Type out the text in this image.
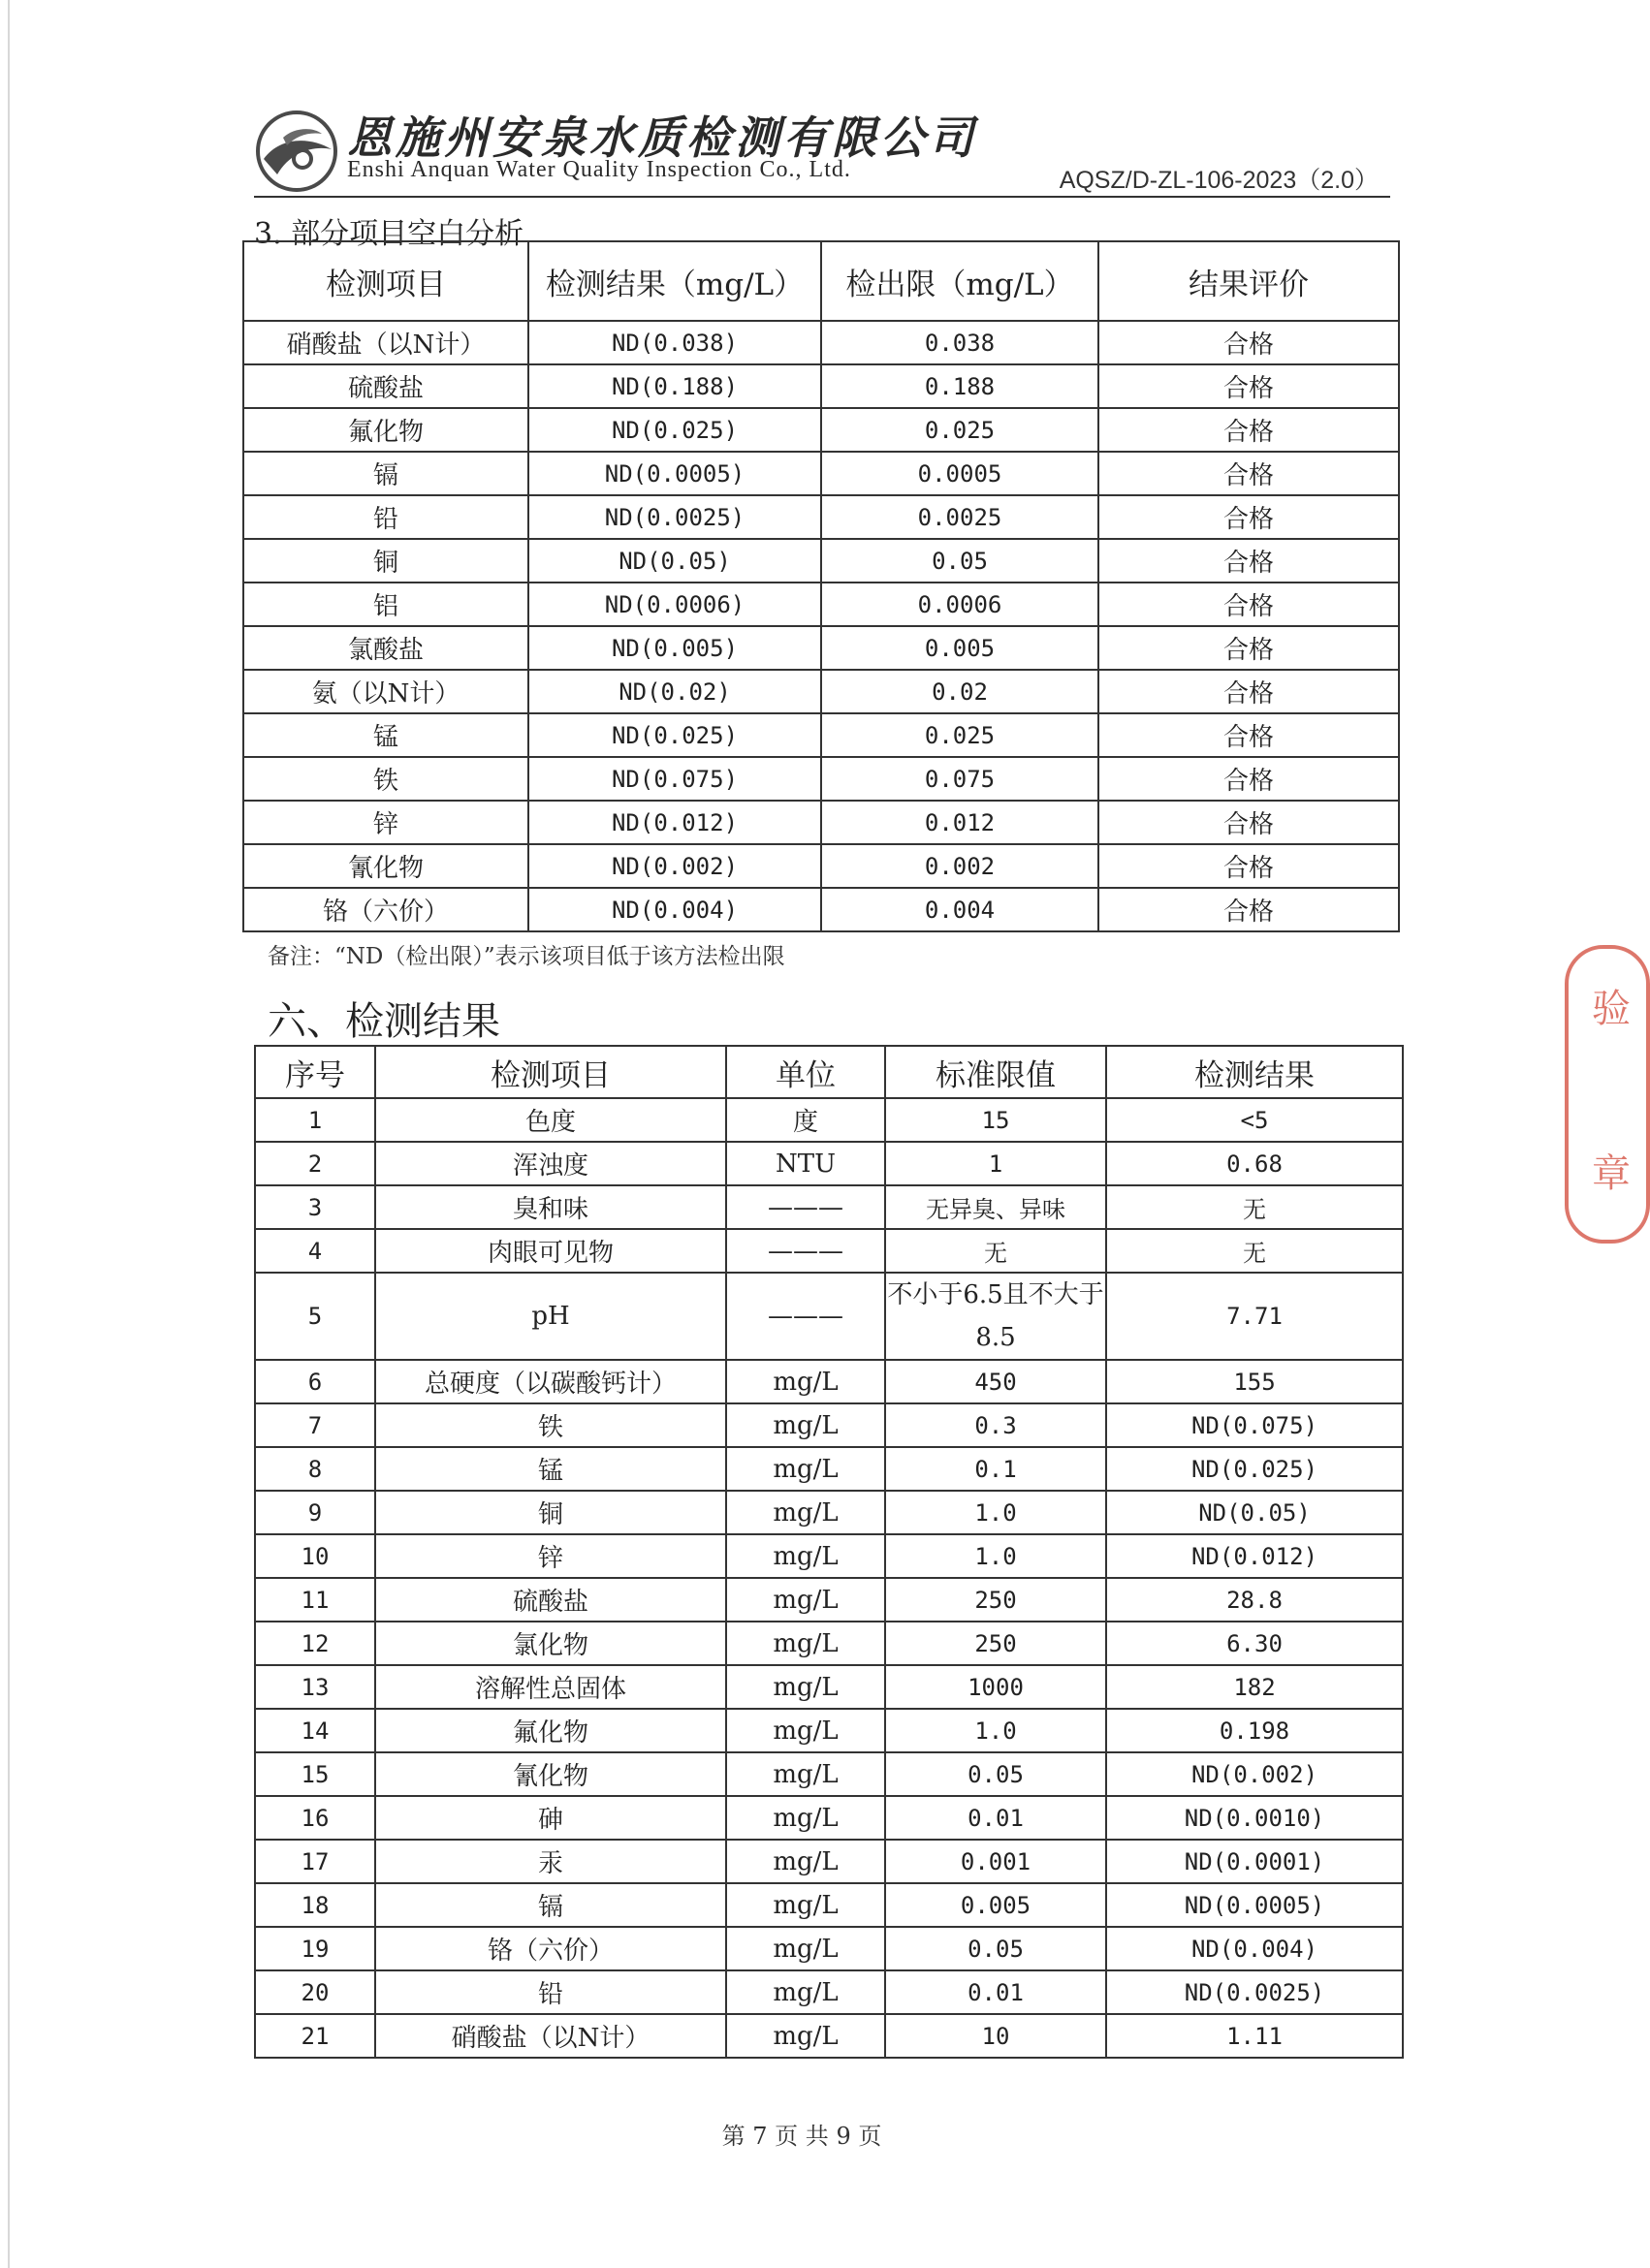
恩施州安泉水质检测有限公司
Enshi Anquan Water Quality Inspection Co., Ltd.	AQSZ/D-ZL-106-2023（2.0）
3. 部分项目空白分析
检测项目	检测结果（mg/L）	检出限（mg/L）	结果评价
硝酸盐（以N计）	ND(0.038)	0.038	合格
硫酸盐	ND(0.188)	0.188	合格
氟化物	ND(0.025)	0.025	合格
镉	ND(0.0005)	0.0005	合格
铅	ND(0.0025)	0.0025	合格
铜	ND(0.05)	0.05	合格
铝	ND(0.0006)	0.0006	合格
氯酸盐	ND(0.005)	0.005	合格
氨（以N计）	ND(0.02)	0.02	合格
锰	ND(0.025)	0.025	合格
铁	ND(0.075)	0.075	合格
锌	ND(0.012)	0.012	合格
氰化物	ND(0.002)	0.002	合格
铬（六价）	ND(0.004)	0.004	合格
备注：“ND（检出限）”表示该项目低于该方法检出限
六、检测结果
序号	检测项目	单位	标准限值	检测结果
1	色度	度	15	<5
2	浑浊度	NTU	1	0.68
3	臭和味	———	无异臭、异味	无
4	肉眼可见物	———	无	无
5	pH	———	不小于6.5且不大于8.5	7.71
6	总硬度（以碳酸钙计）	mg/L	450	155
7	铁	mg/L	0.3	ND(0.075)
8	锰	mg/L	0.1	ND(0.025)
9	铜	mg/L	1.0	ND(0.05)
10	锌	mg/L	1.0	ND(0.012)
11	硫酸盐	mg/L	250	28.8
12	氯化物	mg/L	250	6.30
13	溶解性总固体	mg/L	1000	182
14	氟化物	mg/L	1.0	0.198
15	氰化物	mg/L	0.05	ND(0.002)
16	砷	mg/L	0.01	ND(0.0010)
17	汞	mg/L	0.001	ND(0.0001)
18	镉	mg/L	0.005	ND(0.0005)
19	铬（六价）	mg/L	0.05	ND(0.004)
20	铅	mg/L	0.01	ND(0.0025)
21	硝酸盐（以N计）	mg/L	10	1.11
第 7 页 共 9 页
验
章
